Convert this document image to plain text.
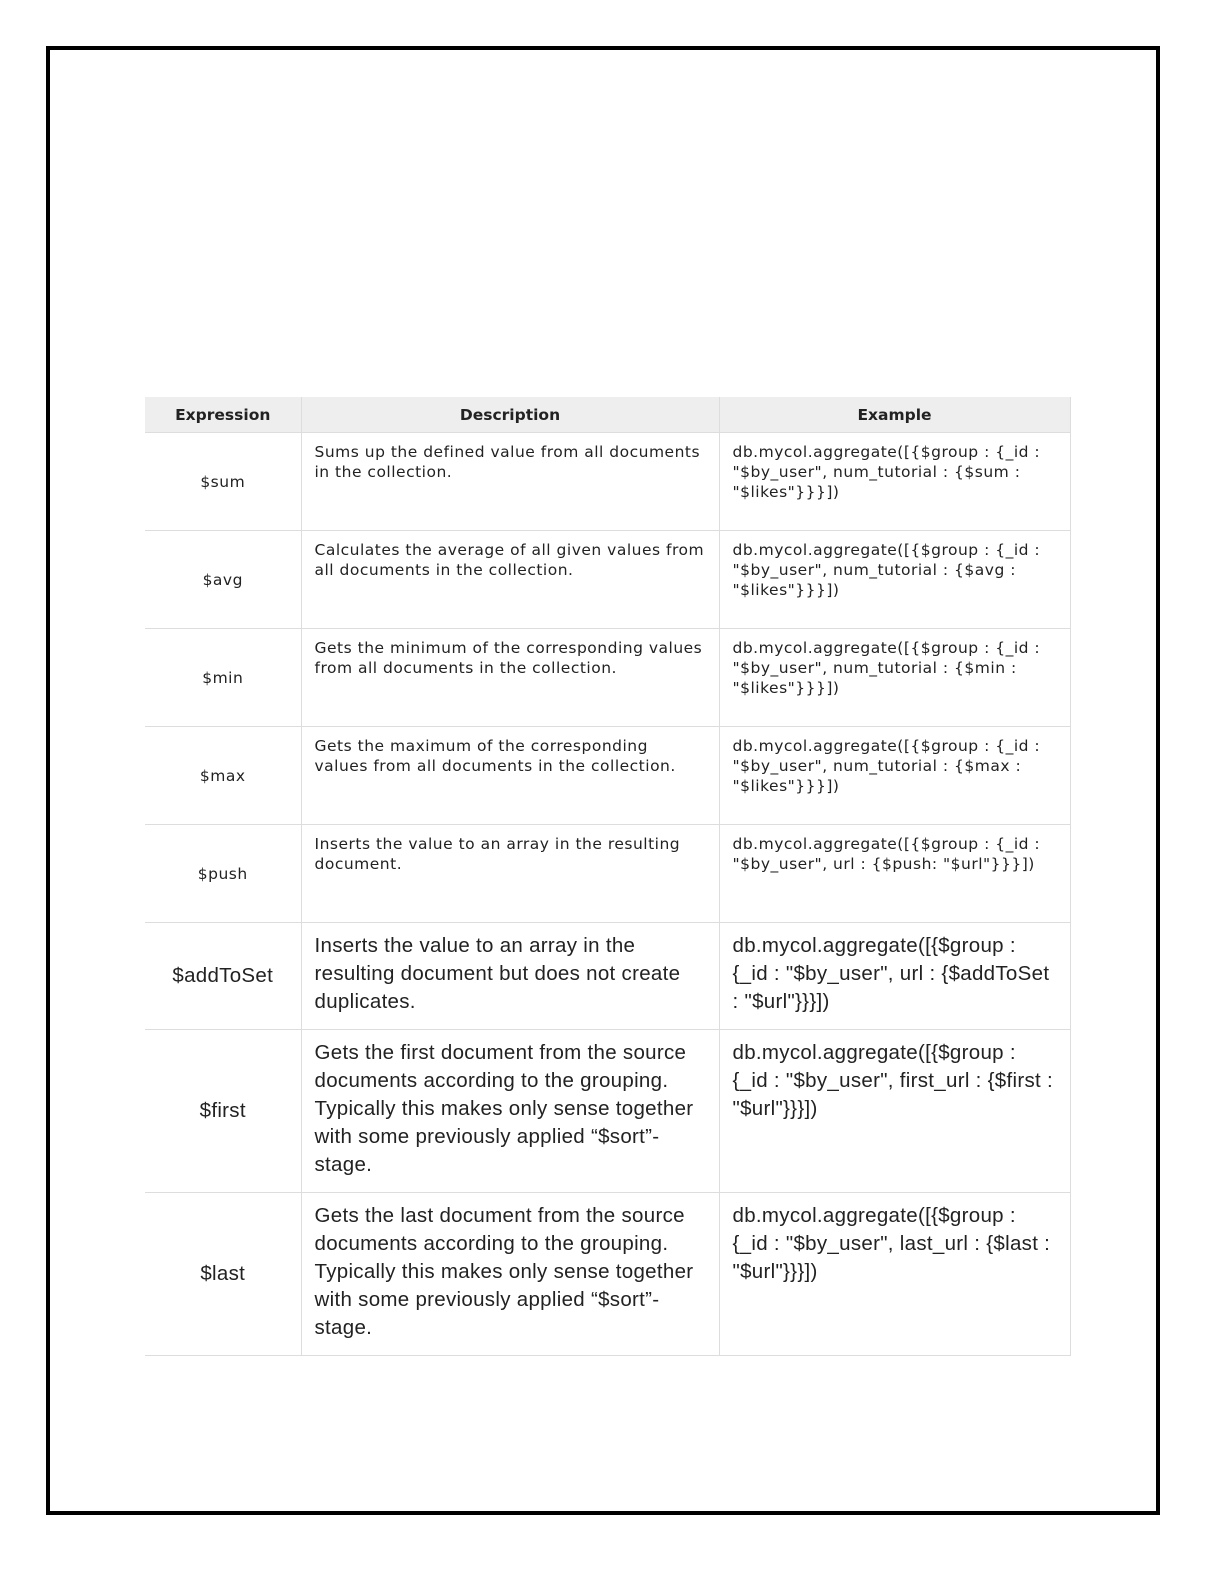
Expression	Description	Example
$sum	Sums up the defined value from all documents in the collection.	db.mycol.aggregate([{$group : {_id : "$by_user", num_tutorial : {$sum : "$likes"}}}])
$avg	Calculates the average of all given values from all documents in the collection.	db.mycol.aggregate([{$group : {_id : "$by_user", num_tutorial : {$avg : "$likes"}}}])
$min	Gets the minimum of the corresponding values from all documents in the collection.	db.mycol.aggregate([{$group : {_id : "$by_user", num_tutorial : {$min : "$likes"}}}])
$max	Gets the maximum of the corresponding values from all documents in the collection.	db.mycol.aggregate([{$group : {_id : "$by_user", num_tutorial : {$max : "$likes"}}}])
$push	Inserts the value to an array in the resulting document.	db.mycol.aggregate([{$group : {_id : "$by_user", url : {$push: "$url"}}}])
$addToSet	Inserts the value to an array in the resulting document but does not create duplicates.	db.mycol.aggregate([{$group : {_id : "$by_user", url : {$addToSet : "$url"}}}])
$first	Gets the first document from the source documents according to the grouping. Typically this makes only sense together with some previously applied “$sort”-stage.	db.mycol.aggregate([{$group : {_id : "$by_user", first_url : {$first : "$url"}}}])
$last	Gets the last document from the source documents according to the grouping. Typically this makes only sense together with some previously applied “$sort”-stage.	db.mycol.aggregate([{$group : {_id : "$by_user", last_url : {$last : "$url"}}}])
